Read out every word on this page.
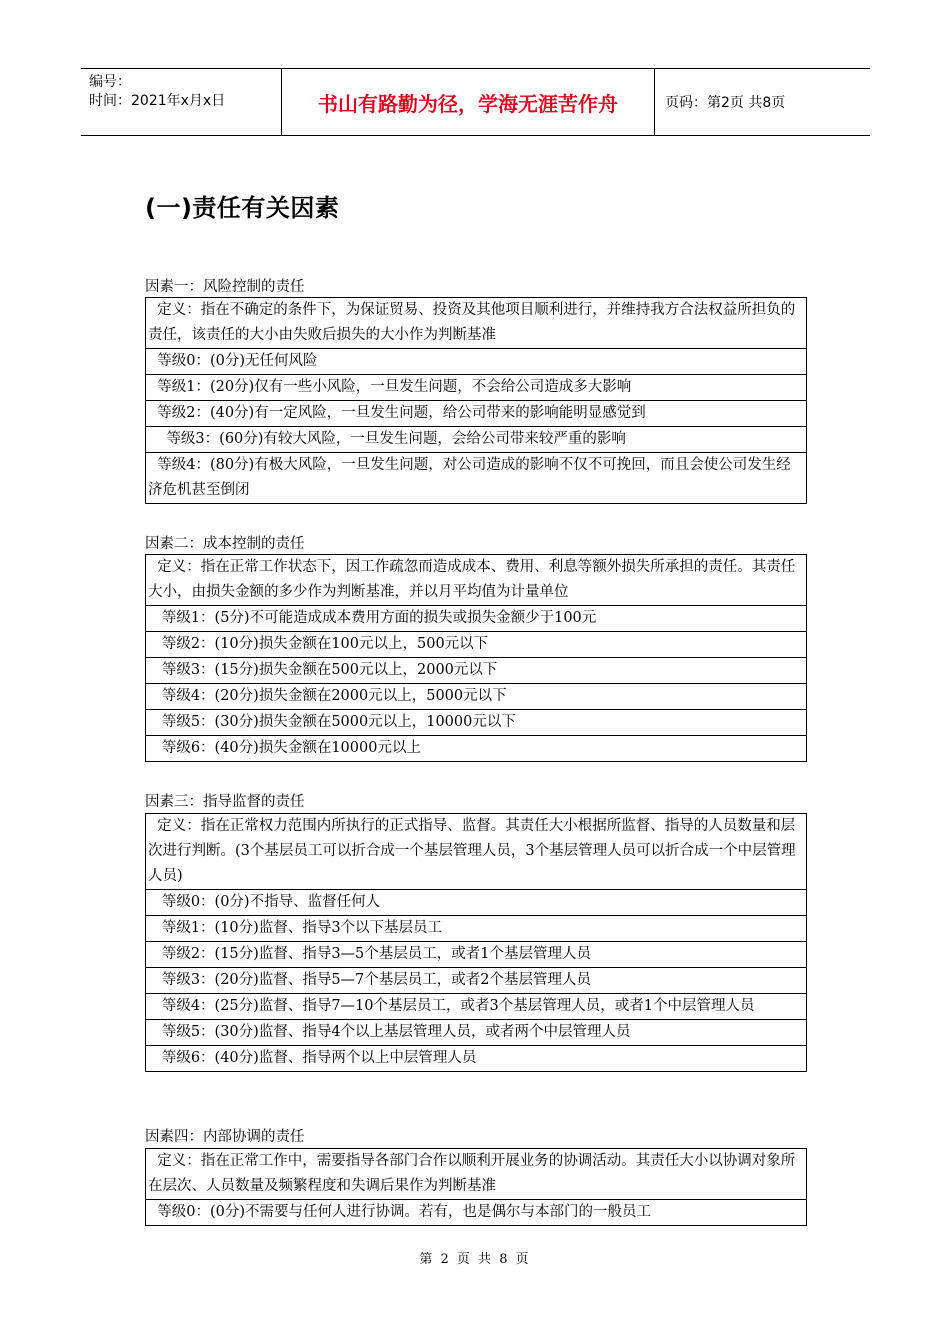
编号：
时间：2021年x月x日	书山有路勤为径，学海无涯苦作舟	页码：第2页 共8页
(一)责任有关因素
因素一：风险控制的责任
定义：指在不确定的条件下，为保证贸易、投资及其他项目顺利进行，并维持我方合法权益所担负的责任，该责任的大小由失败后损失的大小作为判断基准
等级0：(0分)无任何风险
等级1：(20分)仅有一些小风险，一旦发生问题，不会给公司造成多大影响
等级2：(40分)有一定风险，一旦发生问题，给公司带来的影响能明显感觉到
等级3：(60分)有较大风险，一旦发生问题，会给公司带来较严重的影响
等级4：(80分)有极大风险，一旦发生问题，对公司造成的影响不仅不可挽回，而且会使公司发生经济危机甚至倒闭
因素二：成本控制的责任
定义：指在正常工作状态下，因工作疏忽而造成成本、费用、利息等额外损失所承担的责任。其责任大小，由损失金额的多少作为判断基准，并以月平均值为计量单位
等级1：(5分)不可能造成成本费用方面的损失或损失金额少于100元
等级2：(10分)损失金额在100元以上，500元以下
等级3：(15分)损失金额在500元以上，2000元以下
等级4：(20分)损失金额在2000元以上，5000元以下
等级5：(30分)损失金额在5000元以上，10000元以下
等级6：(40分)损失金额在10000元以上
因素三：指导监督的责任
定义：指在正常权力范围内所执行的正式指导、监督。其责任大小根据所监督、指导的人员数量和层次进行判断。(3个基层员工可以折合成一个基层管理人员，3个基层管理人员可以折合成一个中层管理人员)
等级0：(0分)不指导、监督任何人
等级1：(10分)监督、指导3个以下基层员工
等级2：(15分)监督、指导3—5个基层员工，或者1个基层管理人员
等级3：(20分)监督、指导5—7个基层员工，或者2个基层管理人员
等级4：(25分)监督、指导7—10个基层员工，或者3个基层管理人员，或者1个中层管理人员
等级5：(30分)监督、指导4个以上基层管理人员，或者两个中层管理人员
等级6：(40分)监督、指导两个以上中层管理人员
因素四：内部协调的责任
定义：指在正常工作中，需要指导各部门合作以顺利开展业务的协调活动。其责任大小以协调对象所在层次、人员数量及频繁程度和失调后果作为判断基准
等级0：(0分)不需要与任何人进行协调。若有，也是偶尔与本部门的一般员工
第 2 页 共 8 页
